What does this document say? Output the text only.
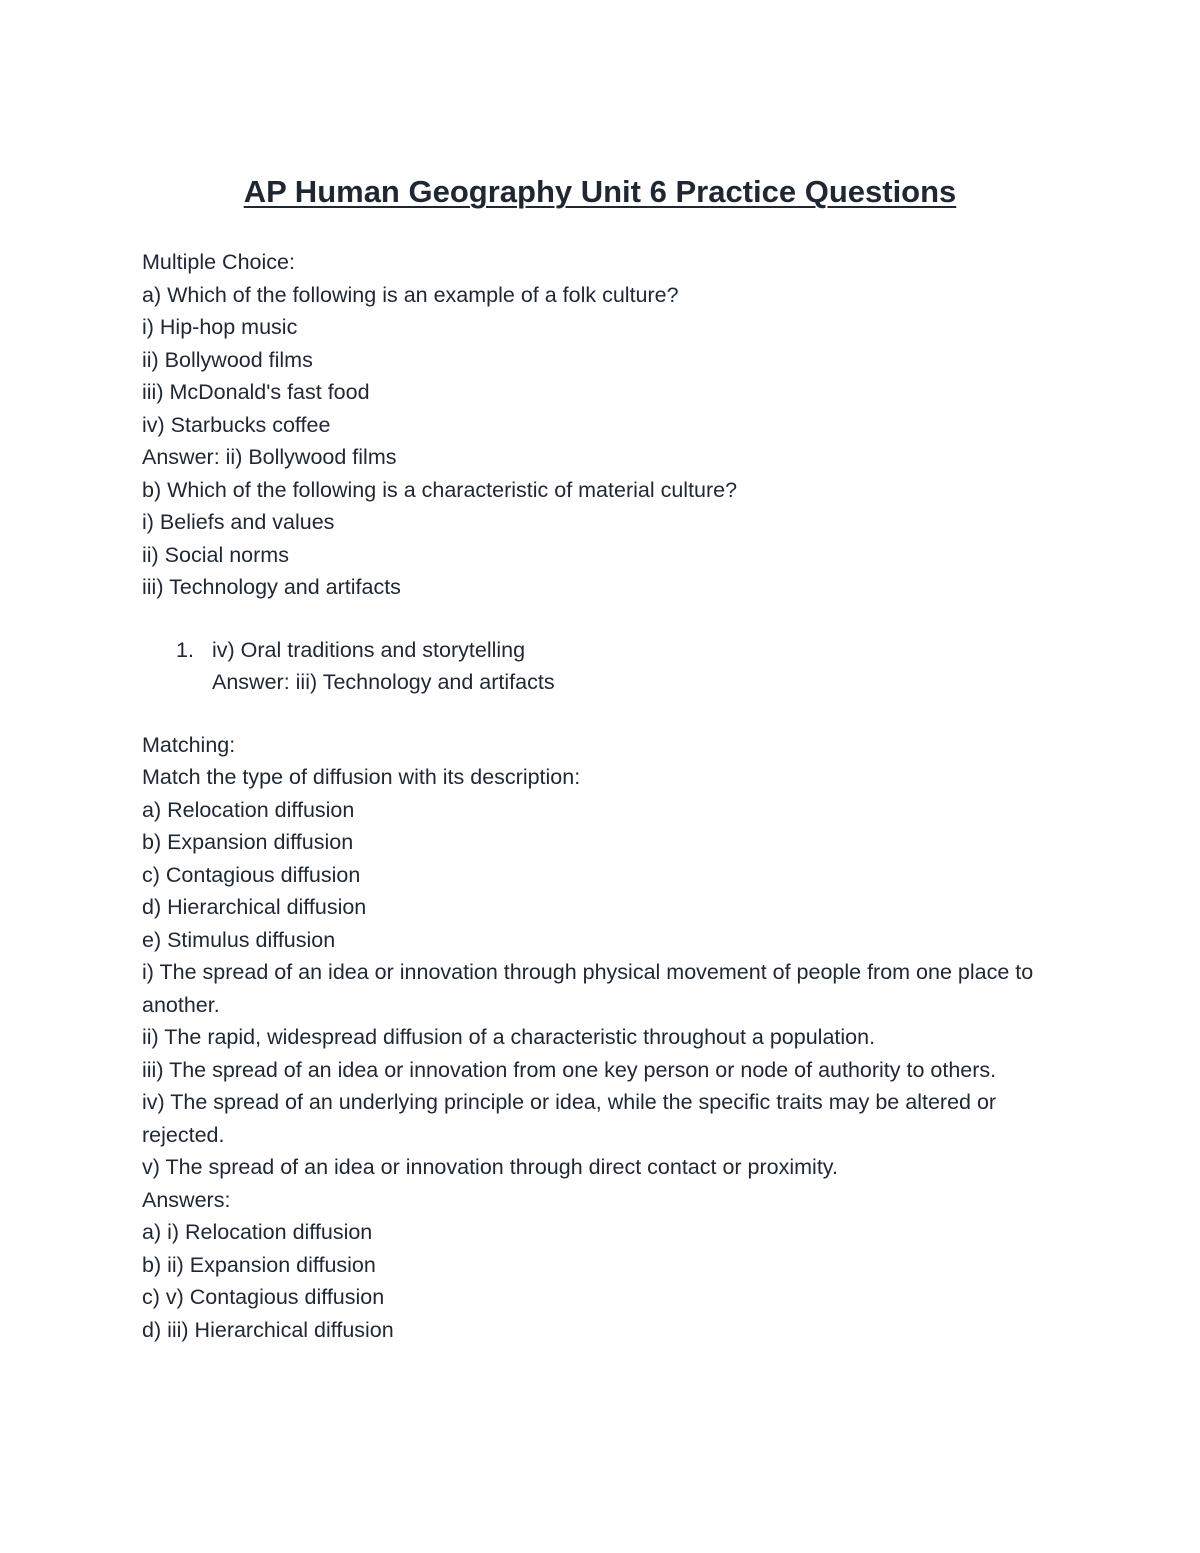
AP Human Geography Unit 6 Practice Questions

Multiple Choice:

a) Which of the following is an example of a folk culture?

i) Hip-hop music

ii) Bollywood films

iii) McDonald's fast food

iv) Starbucks coffee

Answer: ii) Bollywood films

b) Which of the following is a characteristic of material culture?

i) Beliefs and values

ii) Social norms

iii) Technology and artifacts

1. iv) Oral traditions and storytelling

Answer: iii) Technology and artifacts

Matching:

Match the type of diffusion with its description:

a) Relocation diffusion

b) Expansion diffusion

c) Contagious diffusion

d) Hierarchical diffusion

e) Stimulus diffusion

i) The spread of an idea or innovation through physical movement of people from one place to another.

ii) The rapid, widespread diffusion of a characteristic throughout a population.

iii) The spread of an idea or innovation from one key person or node of authority to others.

iv) The spread of an underlying principle or idea, while the specific traits may be altered or rejected.

v) The spread of an idea or innovation through direct contact or proximity.

Answers:

a) i) Relocation diffusion

b) ii) Expansion diffusion

c) v) Contagious diffusion

d) iii) Hierarchical diffusion
